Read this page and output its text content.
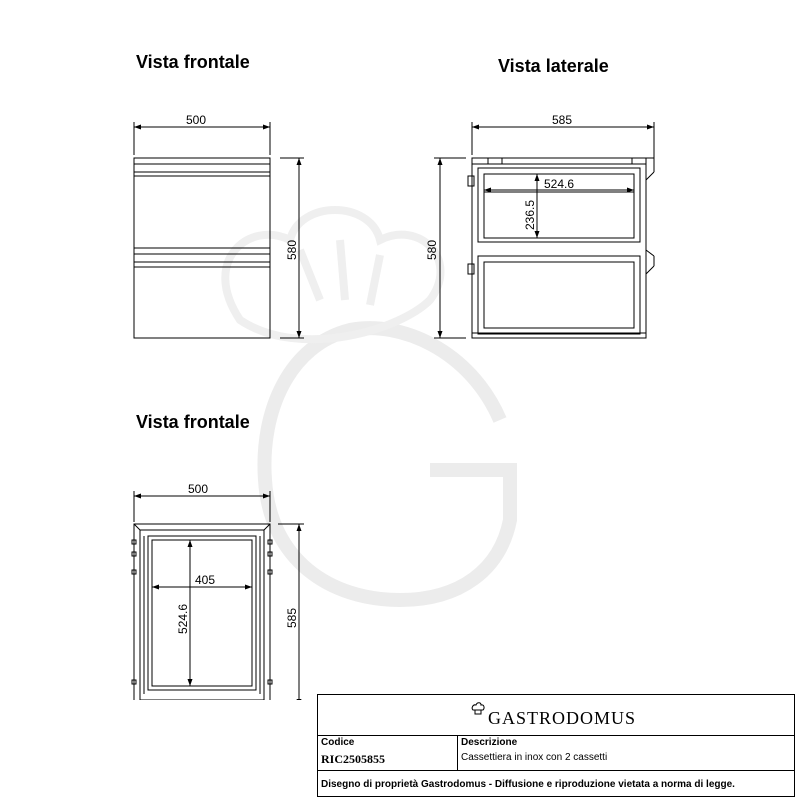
Vista frontale	Vista laterale
Vista frontale
500
580
585
524.6
236.5
580
500
405
524.6	585
GASTRODOMUS
Codice
RIC2505855
Descrizione
Cassettiera in inox con 2 cassetti
Disegno di proprietà Gastrodomus - Diffusione e riproduzione vietata a norma di legge.
